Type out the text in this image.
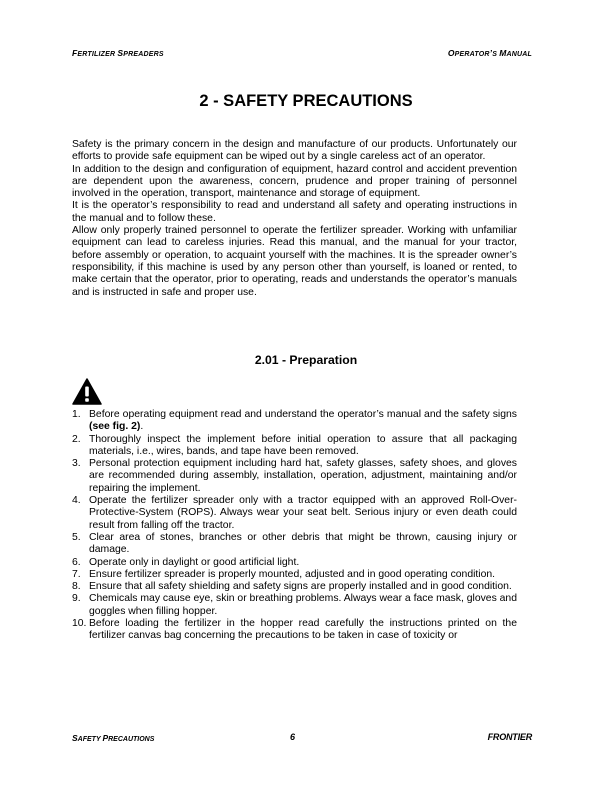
FERTILIZER SPREADERS	OPERATOR’S MANUAL
2 - SAFETY PRECAUTIONS

Safety is the primary concern in the design and manufacture of our products. Unfortunately our efforts to provide safe equipment can be wiped out by a single careless act of an operator.

In addition to the design and configuration of equipment, hazard control and accident prevention are dependent upon the awareness, concern, prudence and proper training of personnel involved in the operation, transport, maintenance and storage of equipment.

It is the operator’s responsibility to read and understand all safety and operating instructions in the manual and to follow these.

Allow only properly trained personnel to operate the fertilizer spreader. Working with unfamiliar equipment can lead to careless injuries. Read this manual, and the manual for your tractor, before assembly or operation, to acquaint yourself with the machines. It is the spreader owner’s responsibility, if this machine is used by any person other than yourself, is loaned or rented, to make certain that the operator, prior to operating, reads and understands the operator’s manuals and is instructed in safe and proper use.

2.01 - Preparation
1. Before operating equipment read and understand the operator’s manual and the safety signs (see fig. 2).
2. Thoroughly inspect the implement before initial operation to assure that all packaging materials, i.e., wires, bands, and tape have been removed.
3. Personal protection equipment including hard hat, safety glasses, safety shoes, and gloves are recommended during assembly, installation, operation, adjustment, maintaining and/or repairing the implement.
4. Operate the fertilizer spreader only with a tractor equipped with an approved Roll-Over-Protective-System (ROPS). Always wear your seat belt. Serious injury or even death could result from falling off the tractor.
5. Clear area of stones, branches or other debris that might be thrown, causing injury or damage.
6. Operate only in daylight or good artificial light.
7. Ensure fertilizer spreader is properly mounted, adjusted and in good operating condition.
8. Ensure that all safety shielding and safety signs are properly installed and in good condition.
9. Chemicals may cause eye, skin or breathing problems. Always wear a face mask, gloves and goggles when filling hopper.
10. Before loading the fertilizer in the hopper read carefully the instructions printed on the fertilizer canvas bag concerning the precautions to be taken in case of toxicity or
SAFETY PRECAUTIONS	6	FRONTIER
